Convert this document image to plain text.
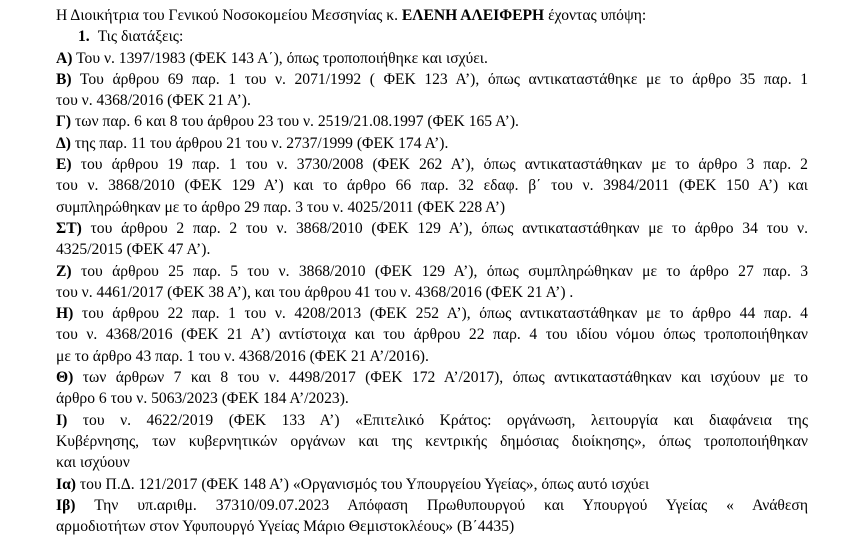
Η Διοικήτρια του Γενικού Νοσοκομείου Μεσσηνίας κ. ΕΛΕΝΗ ΑΛΕΙΦΕΡΗ έχοντας υπόψη:
1. Τις διατάξεις:
Α) Του ν. 1397/1983 (ΦΕΚ 143 Α΄), όπως τροποποιήθηκε και ισχύει.
Β) Του άρθρου 69 παρ. 1 του ν. 2071/1992 ( ΦΕΚ 123 Α’), όπως αντικαταστάθηκε με το άρθρο 35 παρ. 1
του ν. 4368/2016 (ΦΕΚ 21 Α’).
Γ) των παρ. 6 και 8 του άρθρου 23 του ν. 2519/21.08.1997 (ΦΕΚ 165 Α’).
Δ) της παρ. 11 του άρθρου 21 του ν. 2737/1999 (ΦΕΚ 174 Α’).
Ε) του άρθρου 19 παρ. 1 του ν. 3730/2008 (ΦΕΚ 262 Α’), όπως αντικαταστάθηκαν με το άρθρο 3 παρ. 2
του ν. 3868/2010 (ΦΕΚ 129 Α’) και το άρθρο 66 παρ. 32 εδαφ. β΄ του ν. 3984/2011 (ΦΕΚ 150 Α’) και
συμπληρώθηκαν με το άρθρο 29 παρ. 3 του ν. 4025/2011 (ΦΕΚ 228 Α’)
ΣΤ) του άρθρου 2 παρ. 2 του ν. 3868/2010 (ΦΕΚ 129 Α’), όπως αντικαταστάθηκαν με το άρθρο 34 του ν.
4325/2015 (ΦΕΚ 47 Α’).
Ζ) του άρθρου 25 παρ. 5 του ν. 3868/2010 (ΦΕΚ 129 Α’), όπως συμπληρώθηκαν με το άρθρο 27 παρ. 3
του ν. 4461/2017 (ΦΕΚ 38 Α’), και του άρθρου 41 του ν. 4368/2016 (ΦΕΚ 21 Α’) .
Η) του άρθρου 22 παρ. 1 του ν. 4208/2013 (ΦΕΚ 252 Α’), όπως αντικαταστάθηκαν με το άρθρο 44 παρ. 4
του ν. 4368/2016 (ΦΕΚ 21 Α’) αντίστοιχα και του άρθρου 22 παρ. 4 του ιδίου νόμου όπως τροποποιήθηκαν
με το άρθρο 43 παρ. 1 του ν. 4368/2016 (ΦΕΚ 21 Α’/2016).
Θ) των άρθρων 7 και 8 του ν. 4498/2017 (ΦΕΚ 172 Α’/2017), όπως αντικαταστάθηκαν και ισχύουν με το
άρθρο 6 του ν. 5063/2023 (ΦΕΚ 184 Α’/2023).
Ι) του ν. 4622/2019 (ΦΕΚ 133 Α’) «Επιτελικό Κράτος: οργάνωση, λειτουργία και διαφάνεια της
Κυβέρνησης, των κυβερνητικών οργάνων και της κεντρικής δημόσιας διοίκησης», όπως τροποποιήθηκαν
και ισχύουν
Ια) του Π.Δ. 121/2017 (ΦΕΚ 148 Α’) «Οργανισμός του Υπουργείου Υγείας», όπως αυτό ισχύει
Ιβ) Την υπ.αριθμ. 37310/09.07.2023 Απόφαση Πρωθυπουργού και Υπουργού Υγείας « Ανάθεση
αρμοδιοτήτων στον Υφυπουργό Υγείας Μάριο Θεμιστοκλέους» (Β΄4435)
